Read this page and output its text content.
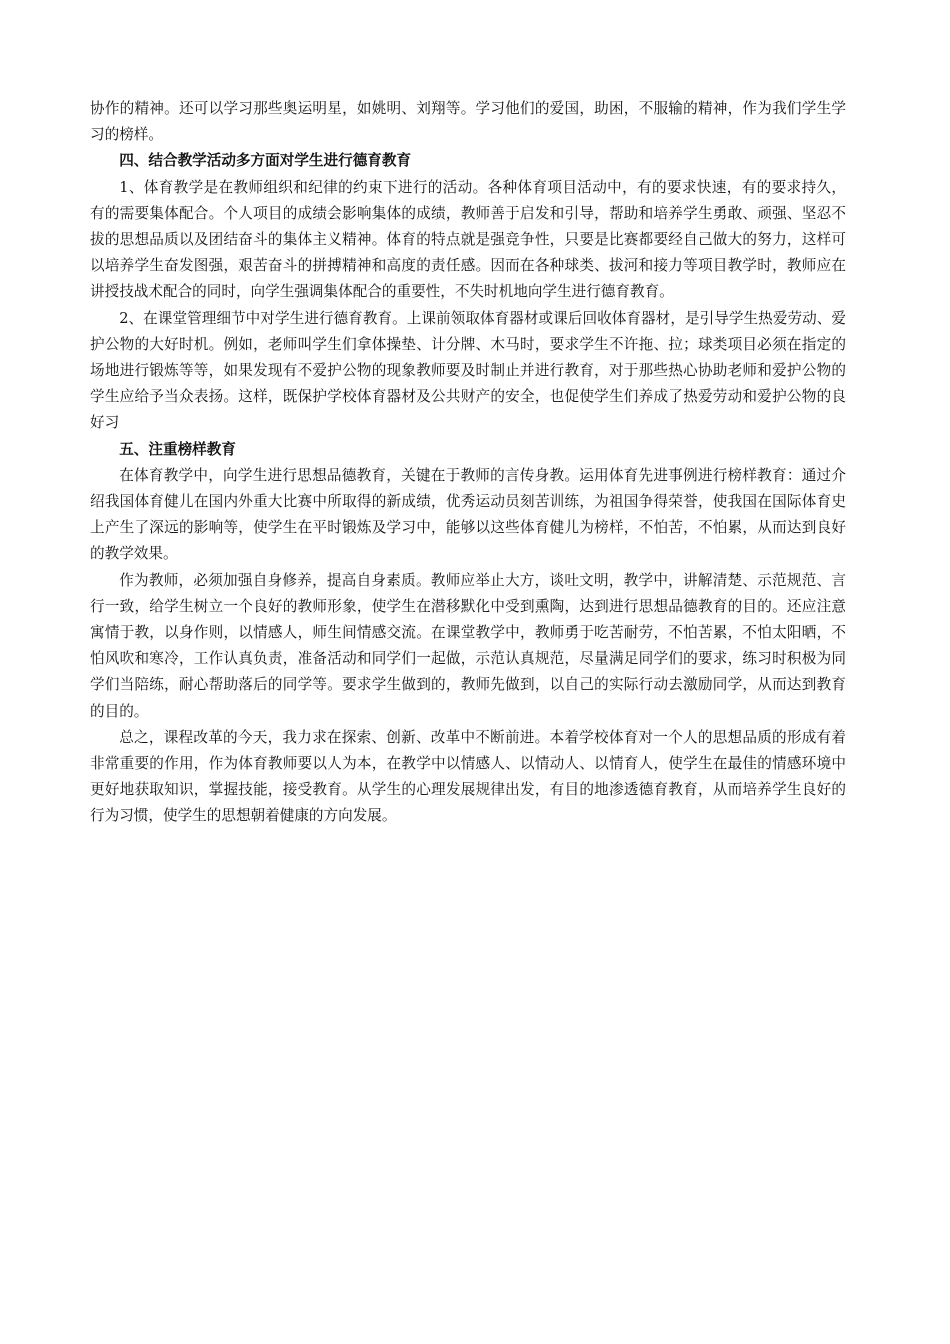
协作的精神。还可以学习那些奥运明星，如姚明、刘翔等。学习他们的爱国，助困，不服输的精神，作为我们学生学习的榜样。

四、结合教学活动多方面对学生进行德育教育

1、体育教学是在教师组织和纪律的约束下进行的活动。各种体育项目活动中，有的要求快速，有的要求持久， 有的需要集体配合。个人项目的成绩会影响集体的成绩，教师善于启发和引导，帮助和培养学生勇敢、顽强、坚忍不拔的思想品质以及团结奋斗的集体主义精神。体育的特点就是强竞争性，只要是比赛都要经自己做大的努力，这样可以培养学生奋发图强，艰苦奋斗的拼搏精神和高度的责任感。因而在各种球类、拔河和接力等项目教学时，教师应在讲授技战术配合的同时，向学生强调集体配合的重要性，不失时机地向学生进行德育教育。

2、在课堂管理细节中对学生进行德育教育。上课前领取体育器材或课后回收体育器材，是引导学生热爱劳动、爱护公物的大好时机。例如，老师叫学生们拿体操垫、计分牌、木马时，要求学生不许拖、拉；球类项目必须在指定的场地进行锻炼等等，如果发现有不爱护公物的现象教师要及时制止并进行教育，对于那些热心协助老师和爱护公物的学生应给予当众表扬。这样，既保护学校体育器材及公共财产的安全，也促使学生们养成了热爱劳动和爱护公物的良好习

五、注重榜样教育

在体育教学中，向学生进行思想品德教育，关键在于教师的言传身教。运用体育先进事例进行榜样教育：通过介绍我国体育健儿在国内外重大比赛中所取得的新成绩，优秀运动员刻苦训练，为祖国争得荣誉，使我国在国际体育史上产生了深远的影响等，使学生在平时锻炼及学习中，能够以这些体育健儿为榜样，不怕苦，不怕累，从而达到良好的教学效果。

作为教师，必须加强自身修养，提高自身素质。教师应举止大方，谈吐文明，教学中，讲解清楚、示范规范、言行一致，给学生树立一个良好的教师形象，使学生在潜移默化中受到熏陶，达到进行思想品德教育的目的。还应注意寓情于教，以身作则，以情感人，师生间情感交流。在课堂教学中，教师勇于吃苦耐劳，不怕苦累，不怕太阳晒，不怕风吹和寒冷，工作认真负责，准备活动和同学们一起做，示范认真规范，尽量满足同学们的要求，练习时积极为同学们当陪练，耐心帮助落后的同学等。要求学生做到的，教师先做到，以自己的实际行动去激励同学，从而达到教育的目的。

总之，课程改革的今天，我力求在探索、创新、改革中不断前进。本着学校体育对一个人的思想品质的形成有着非常重要的作用，作为体育教师要以人为本，在教学中以情感人、以情动人、以情育人，使学生在最佳的情感环境中更好地获取知识，掌握技能，接受教育。从学生的心理发展规律出发，有目的地渗透德育教育，从而培养学生良好的行为习惯，使学生的思想朝着健康的方向发展。
